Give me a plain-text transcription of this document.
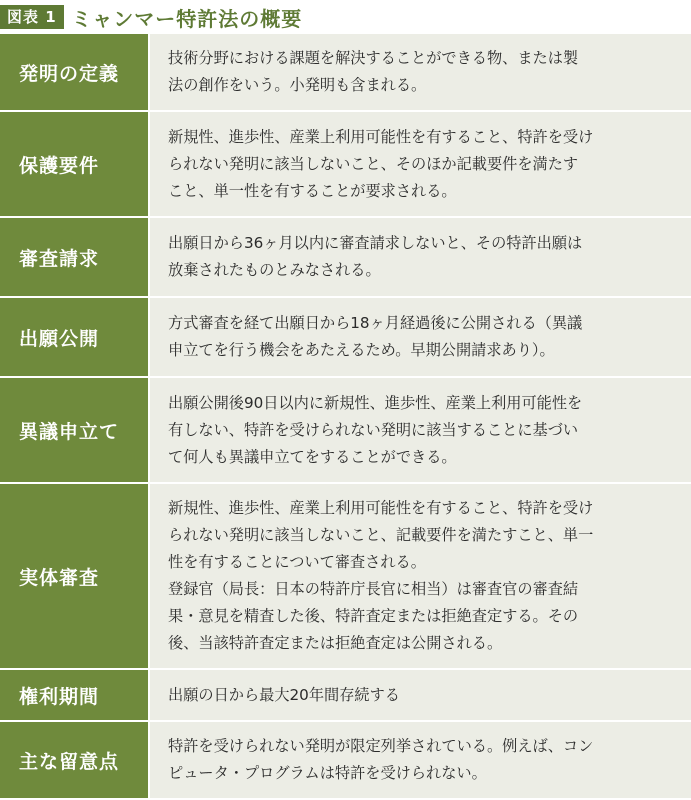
図表 1 ミャンマー特許法の概要
発明の定義
技術分野における課題を解決することができる物、または製
法の創作をいう。小発明も含まれる。
保護要件
新規性、進歩性、産業上利用可能性を有すること、特許を受け
られない発明に該当しないこと、そのほか記載要件を満たす
こと、単一性を有することが要求される。
審査請求
出願日から36ヶ月以内に審査請求しないと、その特許出願は
放棄されたものとみなされる。
出願公開
方式審査を経て出願日から18ヶ月経過後に公開される（異議
申立てを行う機会をあたえるため。早期公開請求あり）。
異議申立て
出願公開後90日以内に新規性、進歩性、産業上利用可能性を
有しない、特許を受けられない発明に該当することに基づい
て何人も異議申立てをすることができる。
実体審査
新規性、進歩性、産業上利用可能性を有すること、特許を受け
られない発明に該当しないこと、記載要件を満たすこと、単一
性を有することについて審査される。
登録官（局長：日本の特許庁長官に相当）は審査官の審査結
果・意見を精査した後、特許査定または拒絶査定する。その
後、当該特許査定または拒絶査定は公開される。
権利期間	出願の日から最大20年間存続する
主な留意点
特許を受けられない発明が限定列挙されている。例えば、コン
ピュータ・プログラムは特許を受けられない。
